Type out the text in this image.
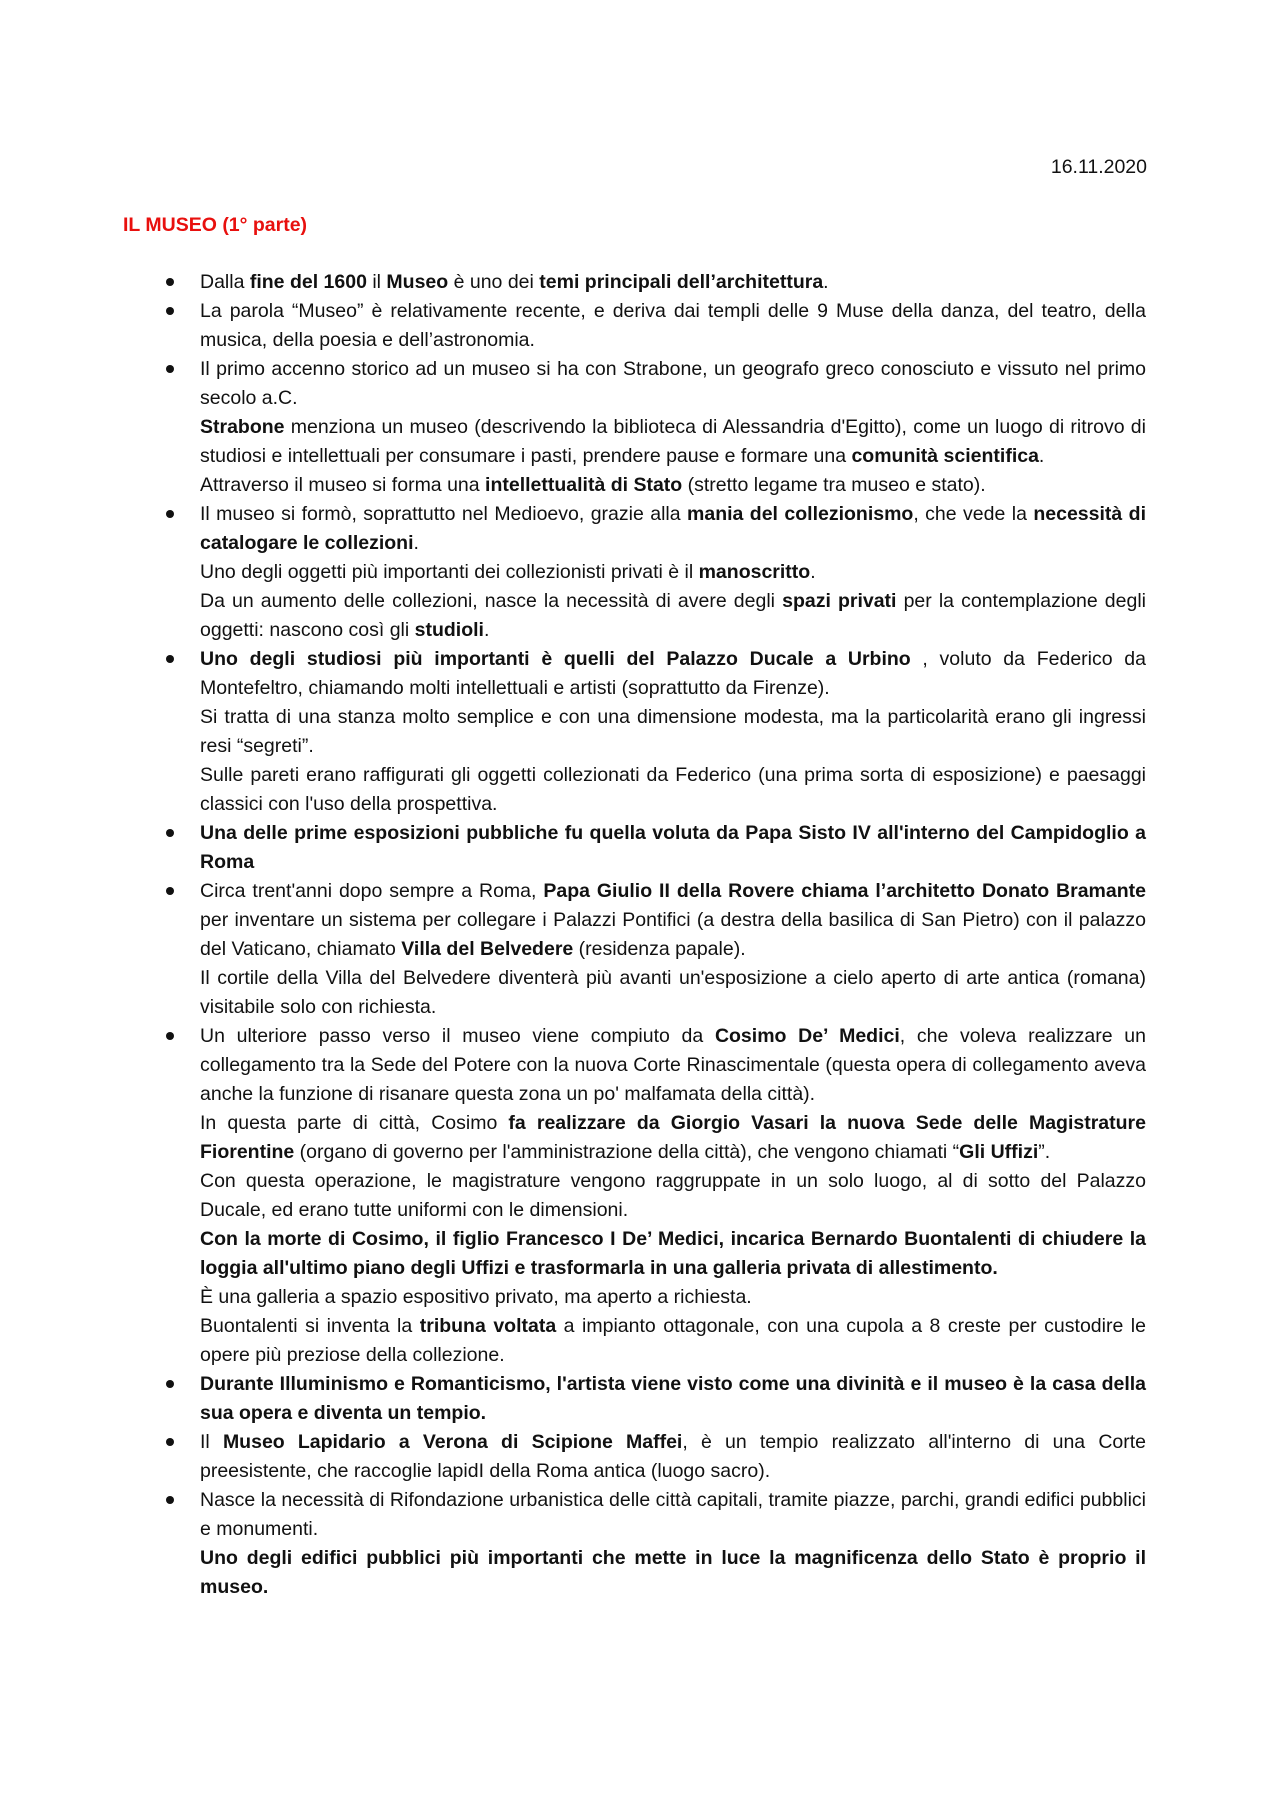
16.11.2020
IL MUSEO (1° parte)

Dalla fine del 1600 il Museo è uno dei temi principali dell’architettura.

La parola “Museo” è relativamente recente, e deriva dai templi delle 9 Muse della danza, del teatro, della musica, della poesia e dell’astronomia.

Il primo accenno storico ad un museo si ha con Strabone, un geografo greco conosciuto e vissuto nel primo secolo a.C.

Strabone menziona un museo (descrivendo la biblioteca di Alessandria d'Egitto), come un luogo di ritrovo di studiosi e intellettuali per consumare i pasti, prendere pause e formare una comunità scientifica.

Attraverso il museo si forma una intellettualità di Stato (stretto legame tra museo e stato).

Il museo si formò, soprattutto nel Medioevo, grazie alla mania del collezionismo, che vede la necessità di catalogare le collezioni.

Uno degli oggetti più importanti dei collezionisti privati è il manoscritto.

Da un aumento delle collezioni, nasce la necessità di avere degli spazi privati per la contemplazione degli oggetti: nascono così gli studioli.

Uno degli studiosi più importanti è quelli del Palazzo Ducale a Urbino , voluto da Federico da Montefeltro, chiamando molti intellettuali e artisti (soprattutto da Firenze).

Si tratta di una stanza molto semplice e con una dimensione modesta, ma la particolarità erano gli ingressi resi “segreti”.

Sulle pareti erano raffigurati gli oggetti collezionati da Federico (una prima sorta di esposizione) e paesaggi classici con l'uso della prospettiva.

Una delle prime esposizioni pubbliche fu quella voluta da Papa Sisto IV all'interno del Campidoglio a Roma

Circa trent'anni dopo sempre a Roma, Papa Giulio II della Rovere chiama l’architetto Donato Bramante per inventare un sistema per collegare i Palazzi Pontifici (a destra della basilica di San Pietro) con il palazzo del Vaticano, chiamato Villa del Belvedere (residenza papale).

Il cortile della Villa del Belvedere diventerà più avanti un'esposizione a cielo aperto di arte antica (romana) visitabile solo con richiesta.

Un ulteriore passo verso il museo viene compiuto da Cosimo De’ Medici, che voleva realizzare un collegamento tra la Sede del Potere con la nuova Corte Rinascimentale (questa opera di collegamento aveva anche la funzione di risanare questa zona un po' malfamata della città).

In questa parte di città, Cosimo fa realizzare da Giorgio Vasari la nuova Sede delle Magistrature Fiorentine (organo di governo per l'amministrazione della città), che vengono chiamati “Gli Uffizi”.

Con questa operazione, le magistrature vengono raggruppate in un solo luogo, al di sotto del Palazzo Ducale, ed erano tutte uniformi con le dimensioni.

Con la morte di Cosimo, il figlio Francesco I De’ Medici, incarica Bernardo Buontalenti di chiudere la loggia all'ultimo piano degli Uffizi e trasformarla in una galleria privata di allestimento.

È una galleria a spazio espositivo privato, ma aperto a richiesta.

Buontalenti si inventa la tribuna voltata a impianto ottagonale, con una cupola a 8 creste per custodire le opere più preziose della collezione.

Durante Illuminismo e Romanticismo, l'artista viene visto come una divinità e il museo è la casa della sua opera e diventa un tempio.

Il Museo Lapidario a Verona di Scipione Maffei, è un tempio realizzato all'interno di una Corte preesistente, che raccoglie lapidI della Roma antica (luogo sacro).

Nasce la necessità di Rifondazione urbanistica delle città capitali, tramite piazze, parchi, grandi edifici pubblici e monumenti.

Uno degli edifici pubblici più importanti che mette in luce la magnificenza dello Stato è proprio il museo.
